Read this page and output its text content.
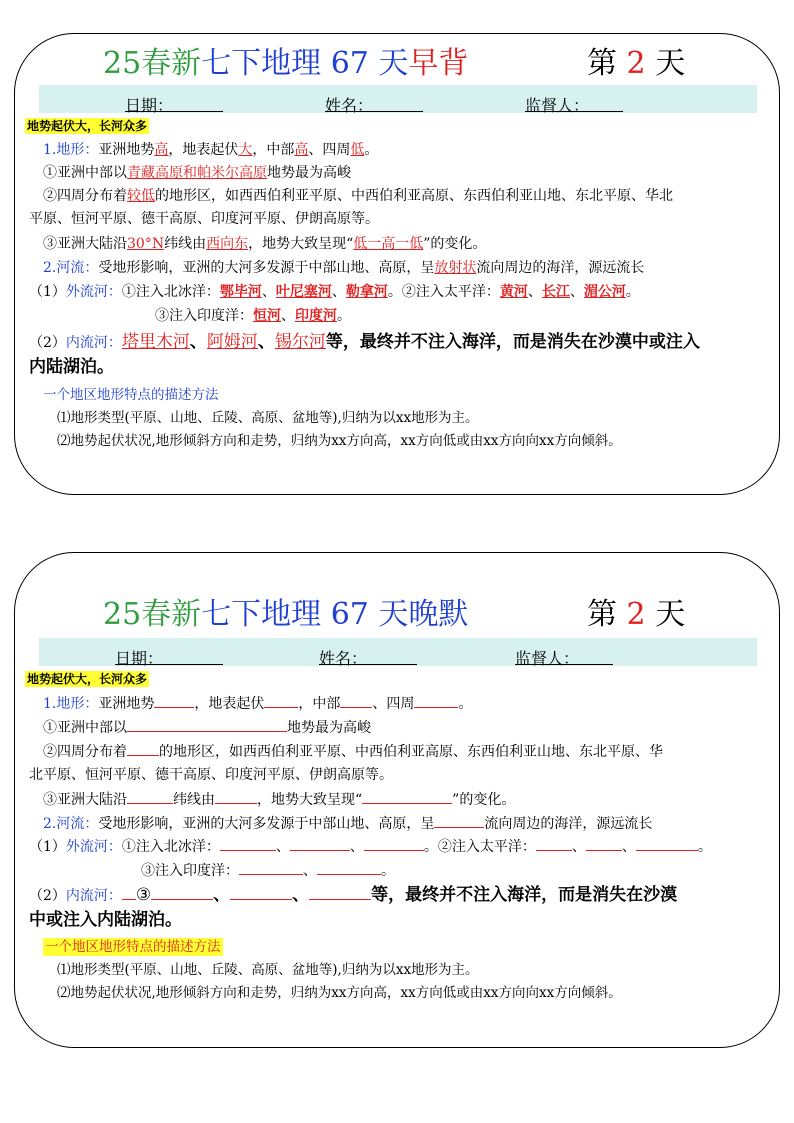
25春新七下地理 67 天早背	第 2 天
日期：	姓名：	监督人：
地势起伏大，长河众多
1.地形：亚洲地势高，地表起伏大，中部高、四周低。
①亚洲中部以青藏高原和帕米尔高原地势最为高峻
②四周分布着较低的地形区，如西西伯利亚平原、中西伯利亚高原、东西伯利亚山地、东北平原、华北
平原、恒河平原、德干高原、印度河平原、伊朗高原等。
③亚洲大陆沿30°N纬线由西向东，地势大致呈现“低一高一低”的变化。
2.河流：受地形影响，亚洲的大河多发源于中部山地、高原，呈放射状流向周边的海洋，源远流长
（1）外流河：①注入北冰洋：鄂毕河、叶尼塞河、勒拿河。②注入太平洋：黄河、长江、湄公河。
③注入印度洋：恒河、印度河。
（2）内流河：塔里木河、阿姆河、锡尔河等，最终并不注入海洋，而是消失在沙漠中或注入
内陆湖泊。
一个地区地形特点的描述方法
⑴地形类型(平原、山地、丘陵、高原、盆地等),归纳为以xx地形为主。
⑵地势起伏状况,地形倾斜方向和走势，归纳为xx方向高，xx方向低或由xx方向向xx方向倾斜。
25春新七下地理 67 天晚默	第 2 天
日期：	姓名：	监督人：
地势起伏大，长河众多
1.地形：亚洲地势	，地表起伏 ，中部 、四周	。
①亚洲中部以	地势最为高峻
②四周分布着 的地形区，如西西伯利亚平原、中西伯利亚高原、东西伯利亚山地、东北平原、华
北平原、恒河平原、德干高原、印度河平原、伊朗高原等。
③亚洲大陆沿	纬线由	，地势大致呈现“	”的变化。
2.河流：受地形影响，亚洲的大河多发源于中部山地、高原，呈	流向周边的海洋，源远流长
（1）外流河：①注入北冰洋：	、	、	。②注入太平洋：	、	、	。
③注入印度洋：	、	。
（2）内流河： ③	、	、	等，最终并不注入海洋，而是消失在沙漠
中或注入内陆湖泊。
一个地区地形特点的描述方法
⑴地形类型(平原、山地、丘陵、高原、盆地等),归纳为以xx地形为主。
⑵地势起伏状况,地形倾斜方向和走势，归纳为xx方向高，xx方向低或由xx方向向xx方向倾斜。
